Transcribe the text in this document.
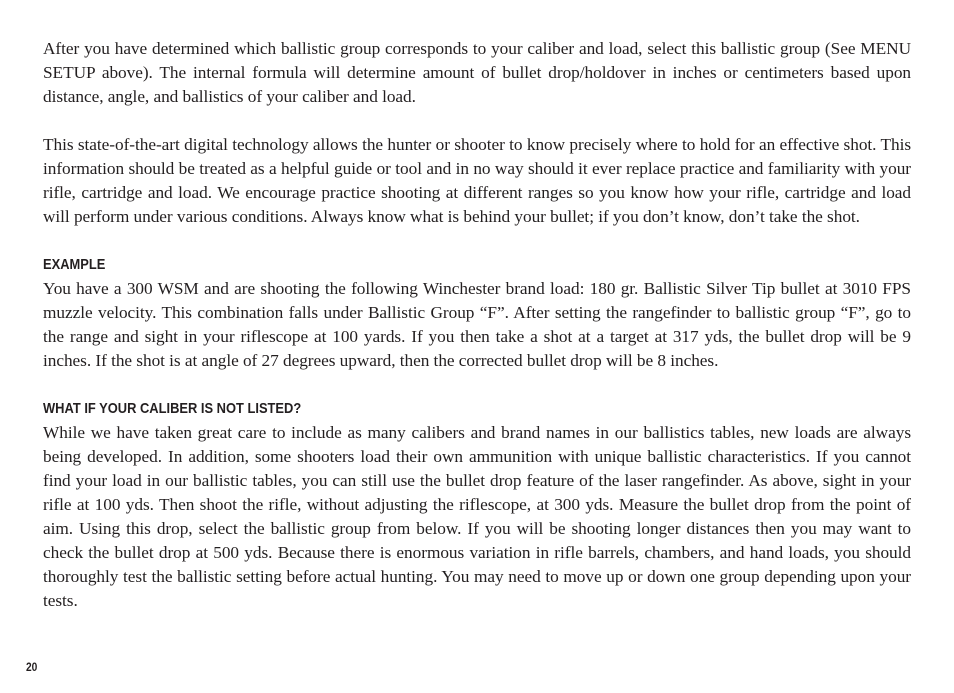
After you have determined which ballistic group corresponds to your caliber and load, select this ballistic group (See MENU SETUP above). The internal formula will determine amount of bullet drop/holdover in inches or centimeters based upon distance, angle, and ballistics of your caliber and load.

This state-of-the-art digital technology allows the hunter or shooter to know precisely where to hold for an effective shot. This information should be treated as a helpful guide or tool and in no way should it ever replace practice and familiarity with your rifle, cartridge and load. We encourage practice shooting at different ranges so you know how your rifle, cartridge and load will perform under various conditions. Always know what is behind your bullet; if you don’t know, don’t take the shot.

EXAMPLE

You have a 300 WSM and are shooting the following Winchester brand load: 180 gr. Ballistic Silver Tip bullet at 3010 FPS muzzle velocity. This combination falls under Ballistic Group “F”. After setting the rangefinder to ballistic group “F”, go to the range and sight in your riflescope at 100 yards. If you then take a shot at a target at 317 yds, the bullet drop will be 9 inches. If the shot is at angle of 27 degrees upward, then the corrected bullet drop will be 8 inches.

WHAT IF YOUR CALIBER IS NOT LISTED?

While we have taken great care to include as many calibers and brand names in our ballistics tables, new loads are always being developed. In addition, some shooters load their own ammunition with unique ballistic characteristics. If you cannot find your load in our ballistic tables, you can still use the bullet drop feature of the laser rangefinder. As above, sight in your rifle at 100 yds. Then shoot the rifle, without adjusting the riflescope, at 300 yds. Measure the bullet drop from the point of aim. Using this drop, select the ballistic group from below. If you will be shooting longer distances then you may want to check the bullet drop at 500 yds. Because there is enormous variation in rifle barrels, chambers, and hand loads, you should thoroughly test the ballistic setting before actual hunting. You may need to move up or down one group depending upon your tests.

20
